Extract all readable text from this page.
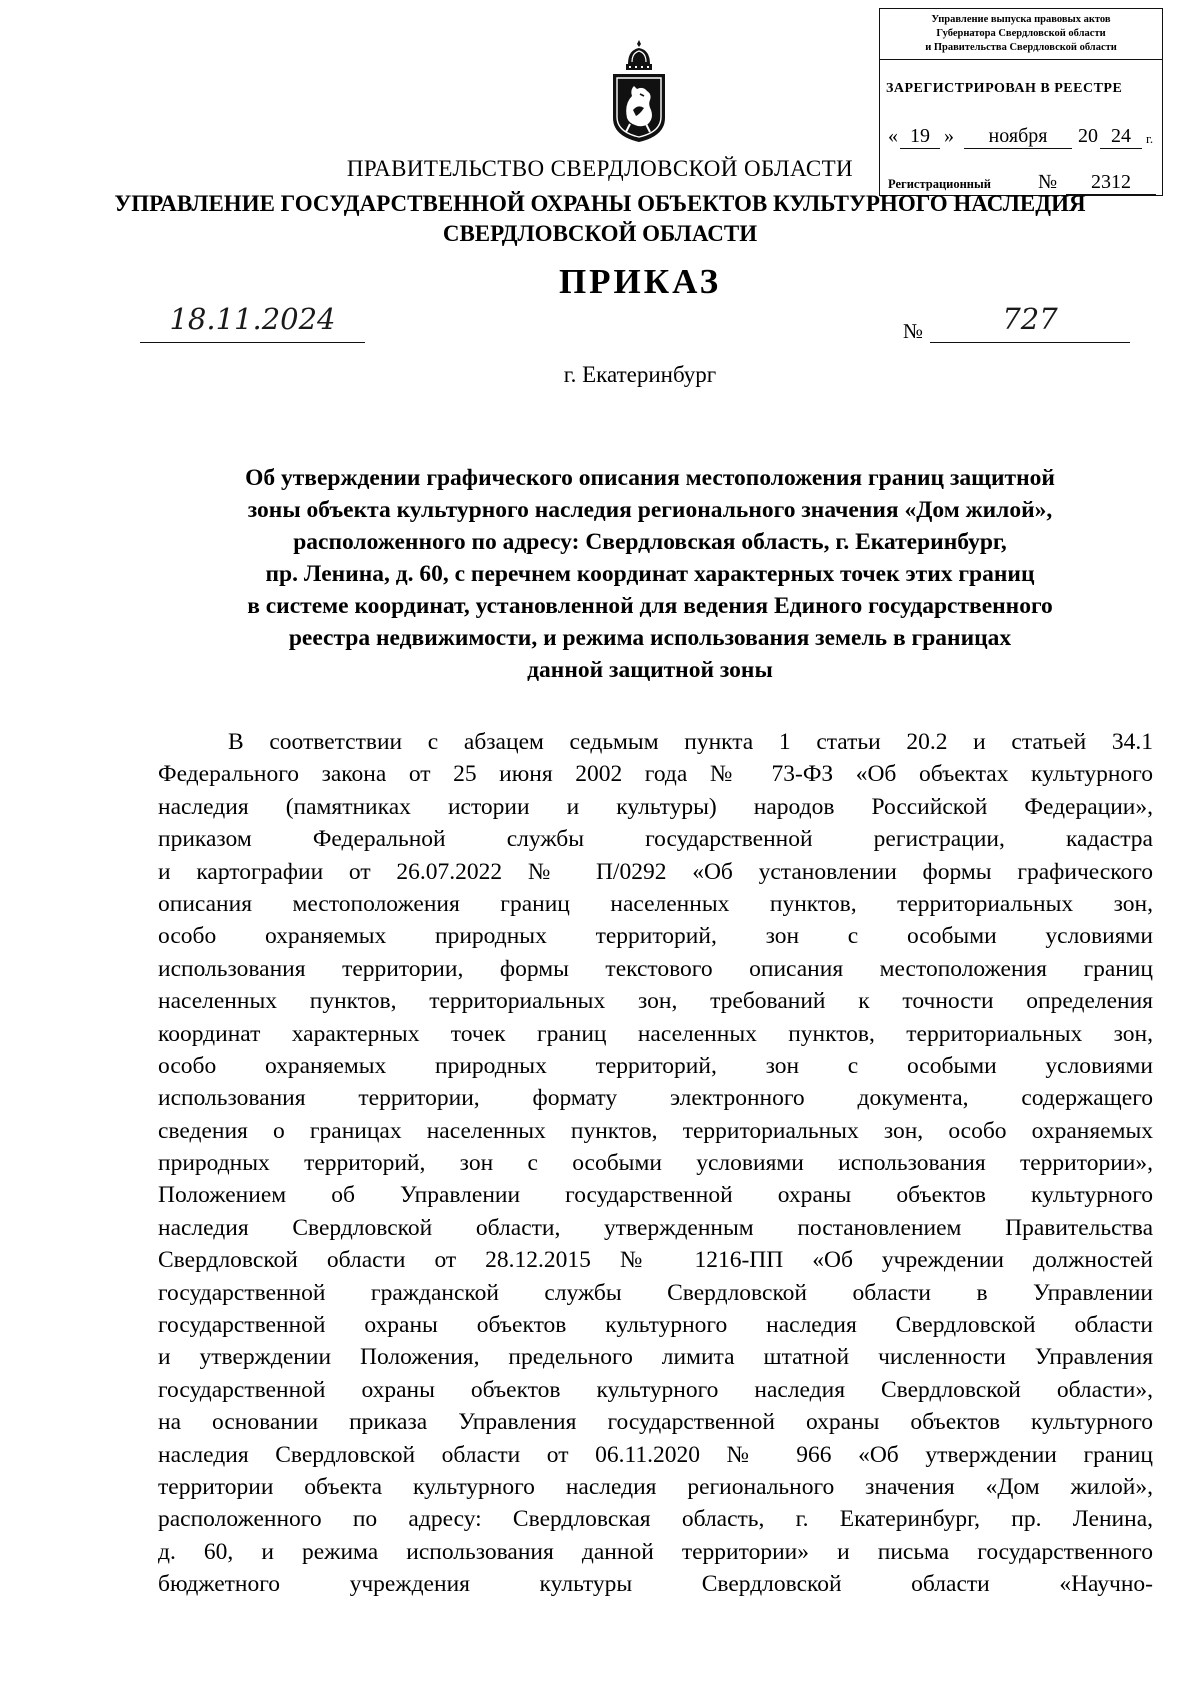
Управление выпуска правовых актов
Губернатора Свердловской области
и Правительства Свердловской области
ЗАРЕГИСТРИРОВАН В РЕЕСТРЕ
« 19 »	ноября	20 24	г.
Регистрационный №	2312
ПРАВИТЕЛЬСТВО СВЕРДЛОВСКОЙ ОБЛАСТИ
УПРАВЛЕНИЕ ГОСУДАРСТВЕННОЙ ОХРАНЫ ОБЪЕКТОВ КУЛЬТУРНОГО НАСЛЕДИЯ
СВЕРДЛОВСКОЙ ОБЛАСТИ
ПРИКАЗ
18.11.2024	№	727
г. Екатеринбург
Об утверждении графического описания местоположения границ защитной
зоны объекта культурного наследия регионального значения «Дом жилой»,
расположенного по адресу: Свердловская область, г. Екатеринбург,
пр. Ленина, д. 60, с перечнем координат характерных точек этих границ
в системе координат, установленной для ведения Единого государственного
реестра недвижимости, и режима использования земель в границах
данной защитной зоны
В соответствии с абзацем седьмым пункта 1 статьи 20.2 и статьей 34.1
Федерального закона от 25 июня 2002 года № 73-ФЗ «Об объектах культурного
наследия (памятниках истории и культуры) народов Российской Федерации»,
приказом Федеральной службы государственной регистрации, кадастра
и картографии от 26.07.2022 № П/0292 «Об установлении формы графического
описания местоположения границ населенных пунктов, территориальных зон,
особо охраняемых природных территорий, зон с особыми условиями
использования территории, формы текстового описания местоположения границ
населенных пунктов, территориальных зон, требований к точности определения
координат характерных точек границ населенных пунктов, территориальных зон,
особо охраняемых природных территорий, зон с особыми условиями
использования территории, формату электронного документа, содержащего
сведения о границах населенных пунктов, территориальных зон, особо охраняемых
природных территорий, зон с особыми условиями использования территории»,
Положением об Управлении государственной охраны объектов культурного
наследия Свердловской области, утвержденным постановлением Правительства
Свердловской области от 28.12.2015 № 1216-ПП «Об учреждении должностей
государственной гражданской службы Свердловской области в Управлении
государственной охраны объектов культурного наследия Свердловской области
и утверждении Положения, предельного лимита штатной численности Управления
государственной охраны объектов культурного наследия Свердловской области»,
на основании приказа Управления государственной охраны объектов культурного
наследия Свердловской области от 06.11.2020 № 966 «Об утверждении границ
территории объекта культурного наследия регионального значения «Дом жилой»,
расположенного по адресу: Свердловская область, г. Екатеринбург, пр. Ленина,
д. 60, и режима использования данной территории» и письма государственного
бюджетного учреждения культуры Свердловской области «Научно-
